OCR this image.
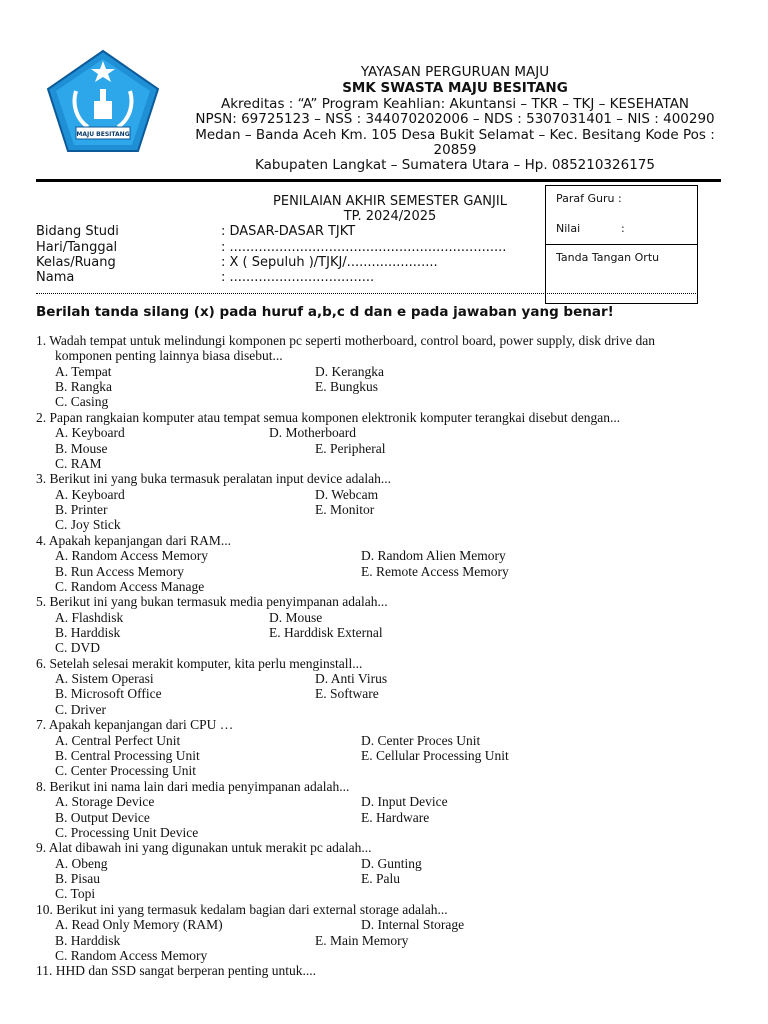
MAJU BESITANG
YAYASAN PERGURUAN MAJU
SMK SWASTA MAJU BESITANG
Akreditas : “A” Program Keahlian: Akuntansi – TKR – TKJ – KESEHATAN
NPSN: 69725123 – NSS : 344070202006 – NDS : 5307031401 – NIS : 400290
Medan – Banda Aceh Km. 105 Desa Bukit Selamat – Kec. Besitang Kode Pos :
20859
Kabupaten Langkat – Sumatera Utara – Hp. 085210326175
PENILAIAN AKHIR SEMESTER GANJIL
TP. 2024/2025
Bidang Studi	: DASAR-DASAR TJKT
Hari/Tanggal	: ...................................................................
Kelas/Ruang	: X ( Sepuluh )/TJKJ/......................
Nama	: ...................................
Paraf Guru :
Nilai	:
Tanda Tangan Ortu
Berilah tanda silang (x) pada huruf a,b,c d dan e pada jawaban yang benar!
1. Wadah tempat untuk melindungi komponen pc seperti motherboard, control board, power supply, disk drive dan
komponen penting lainnya biasa disebut...
A. Tempat
B. Rangka
C. Casing
D. Kerangka
E. Bungkus
2. Papan rangkaian komputer atau tempat semua komponen elektronik komputer terangkai disebut dengan...
A. Keyboard
B. Mouse
C. RAM
D. Motherboard
E. Peripheral
3. Berikut ini yang buka termasuk peralatan input device adalah...
A. Keyboard
B. Printer
C. Joy Stick
D. Webcam
E. Monitor
4. Apakah kepanjangan dari RAM...
A. Random Access Memory
B. Run Access Memory
C. Random Access Manage
D. Random Alien Memory
E. Remote Access Memory
5. Berikut ini yang bukan termasuk media penyimpanan adalah...
A. Flashdisk
B. Harddisk
C. DVD
D. Mouse
E. Harddisk External
6. Setelah selesai merakit komputer, kita perlu menginstall...
A. Sistem Operasi
B. Microsoft Office
C. Driver
D. Anti Virus
E. Software
7. Apakah kepanjangan dari CPU …
A. Central Perfect Unit
B. Central Processing Unit
C. Center Processing Unit
D. Center Proces Unit
E. Cellular Processing Unit
8. Berikut ini nama lain dari media penyimpanan adalah...
A. Storage Device
B. Output Device
C. Processing Unit Device
D. Input Device
E. Hardware
9. Alat dibawah ini yang digunakan untuk merakit pc adalah...
A. Obeng
B. Pisau
C. Topi
D. Gunting
E. Palu
10. Berikut ini yang termasuk kedalam bagian dari external storage adalah...
A. Read Only Memory (RAM)
B. Harddisk
C. Random Access Memory
D. Internal Storage
E. Main Memory
11. HHD dan SSD sangat berperan penting untuk....
